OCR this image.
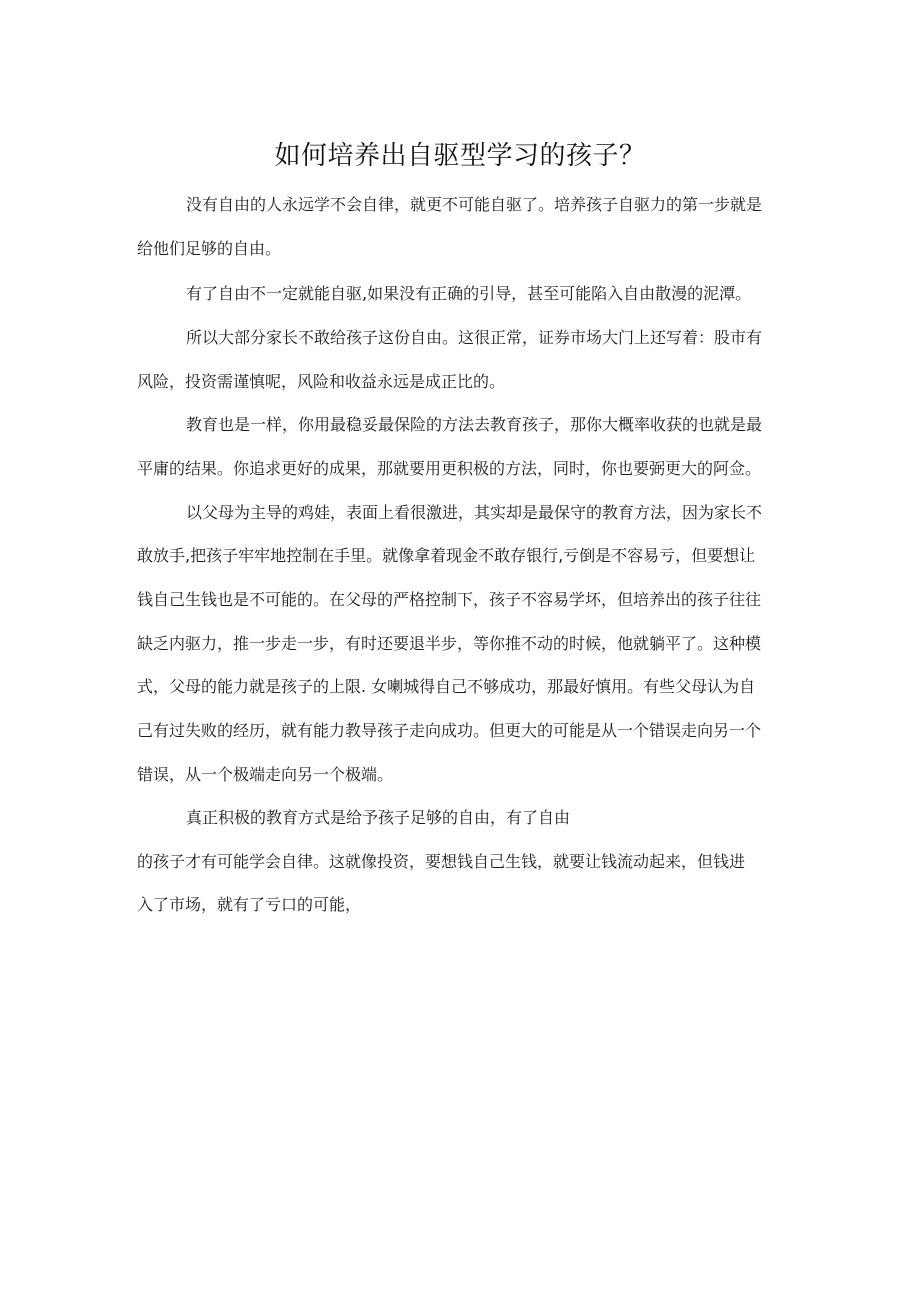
如何培养出自驱型学习的孩子？
没有自由的人永远学不会自律，就更不可能自驱了。培养孩子自驱力的第一步就是
给他们足够的自由。
有了自由不一定就能自驱,如果没有正确的引导，甚至可能陷入自由散漫的泥潭。
所以大部分家长不敢给孩子这份自由。这很正常，证券市场大门上还写着：股市有
风险，投资需谨慎呢，风险和收益永远是成正比的。
教育也是一样，你用最稳妥最保险的方法去教育孩子，那你大概率收获的也就是最
平庸的结果。你追求更好的成果，那就要用更积极的方法，同时，你也要弼更大的阿佥。
以父母为主导的鸡娃，表面上看很激进，其实却是最保守的教育方法，因为家长不
敢放手,把孩子牢牢地控制在手里。就像拿着现金不敢存银行,亏倒是不容易亏，但要想让
钱自己生钱也是不可能的。在父母的严格控制下，孩子不容易学坏，但培养出的孩子往往
缺乏内驱力，推一步走一步，有时还要退半步，等你推不动的时候，他就躺平了。这种模
式，父母的能力就是孩子的上限. 女喇城得自己不够成功，那最好慎用。有些父母认为自
己有过失败的经历，就有能力教导孩子走向成功。但更大的可能是从一个错误走向另一个
错误，从一个极端走向另一个极端。
真正积极的教育方式是给予孩子足够的自由，有了自由
的孩子才有可能学会自律。这就像投资，要想钱自己生钱，就要让钱流动起来，但钱进
入了市场，就有了亏口的可能，
